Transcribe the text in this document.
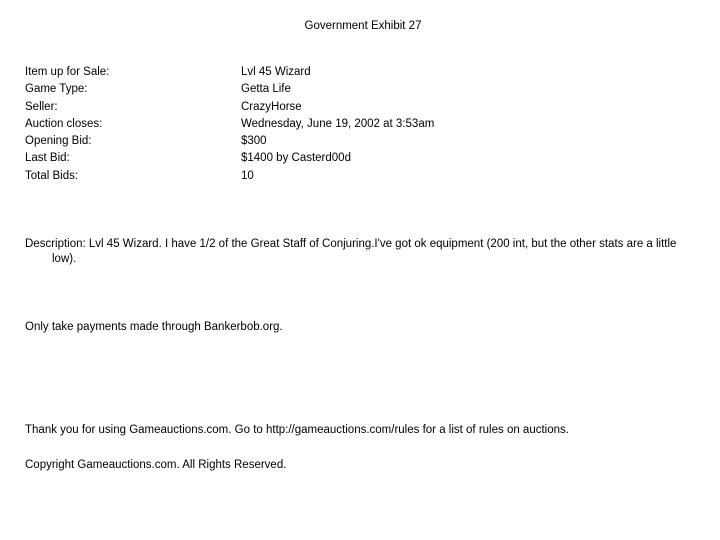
Government Exhibit 27
Item up for Sale:	Lvl 45 Wizard
Game Type:	Getta Life
Seller:	CrazyHorse
Auction closes:	Wednesday, June 19, 2002 at 3:53am
Opening Bid:	$300
Last Bid:	$1400 by Casterd00d
Total Bids:	10
Description: Lvl 45 Wizard. I have 1/2 of the Great Staff of Conjuring.I've got ok equipment (200 int, but the other stats are a little low).
Only take payments made through Bankerbob.org.
Thank you for using Gameauctions.com. Go to http://gameauctions.com/rules for a list of rules on auctions.
Copyright Gameauctions.com. All Rights Reserved.
